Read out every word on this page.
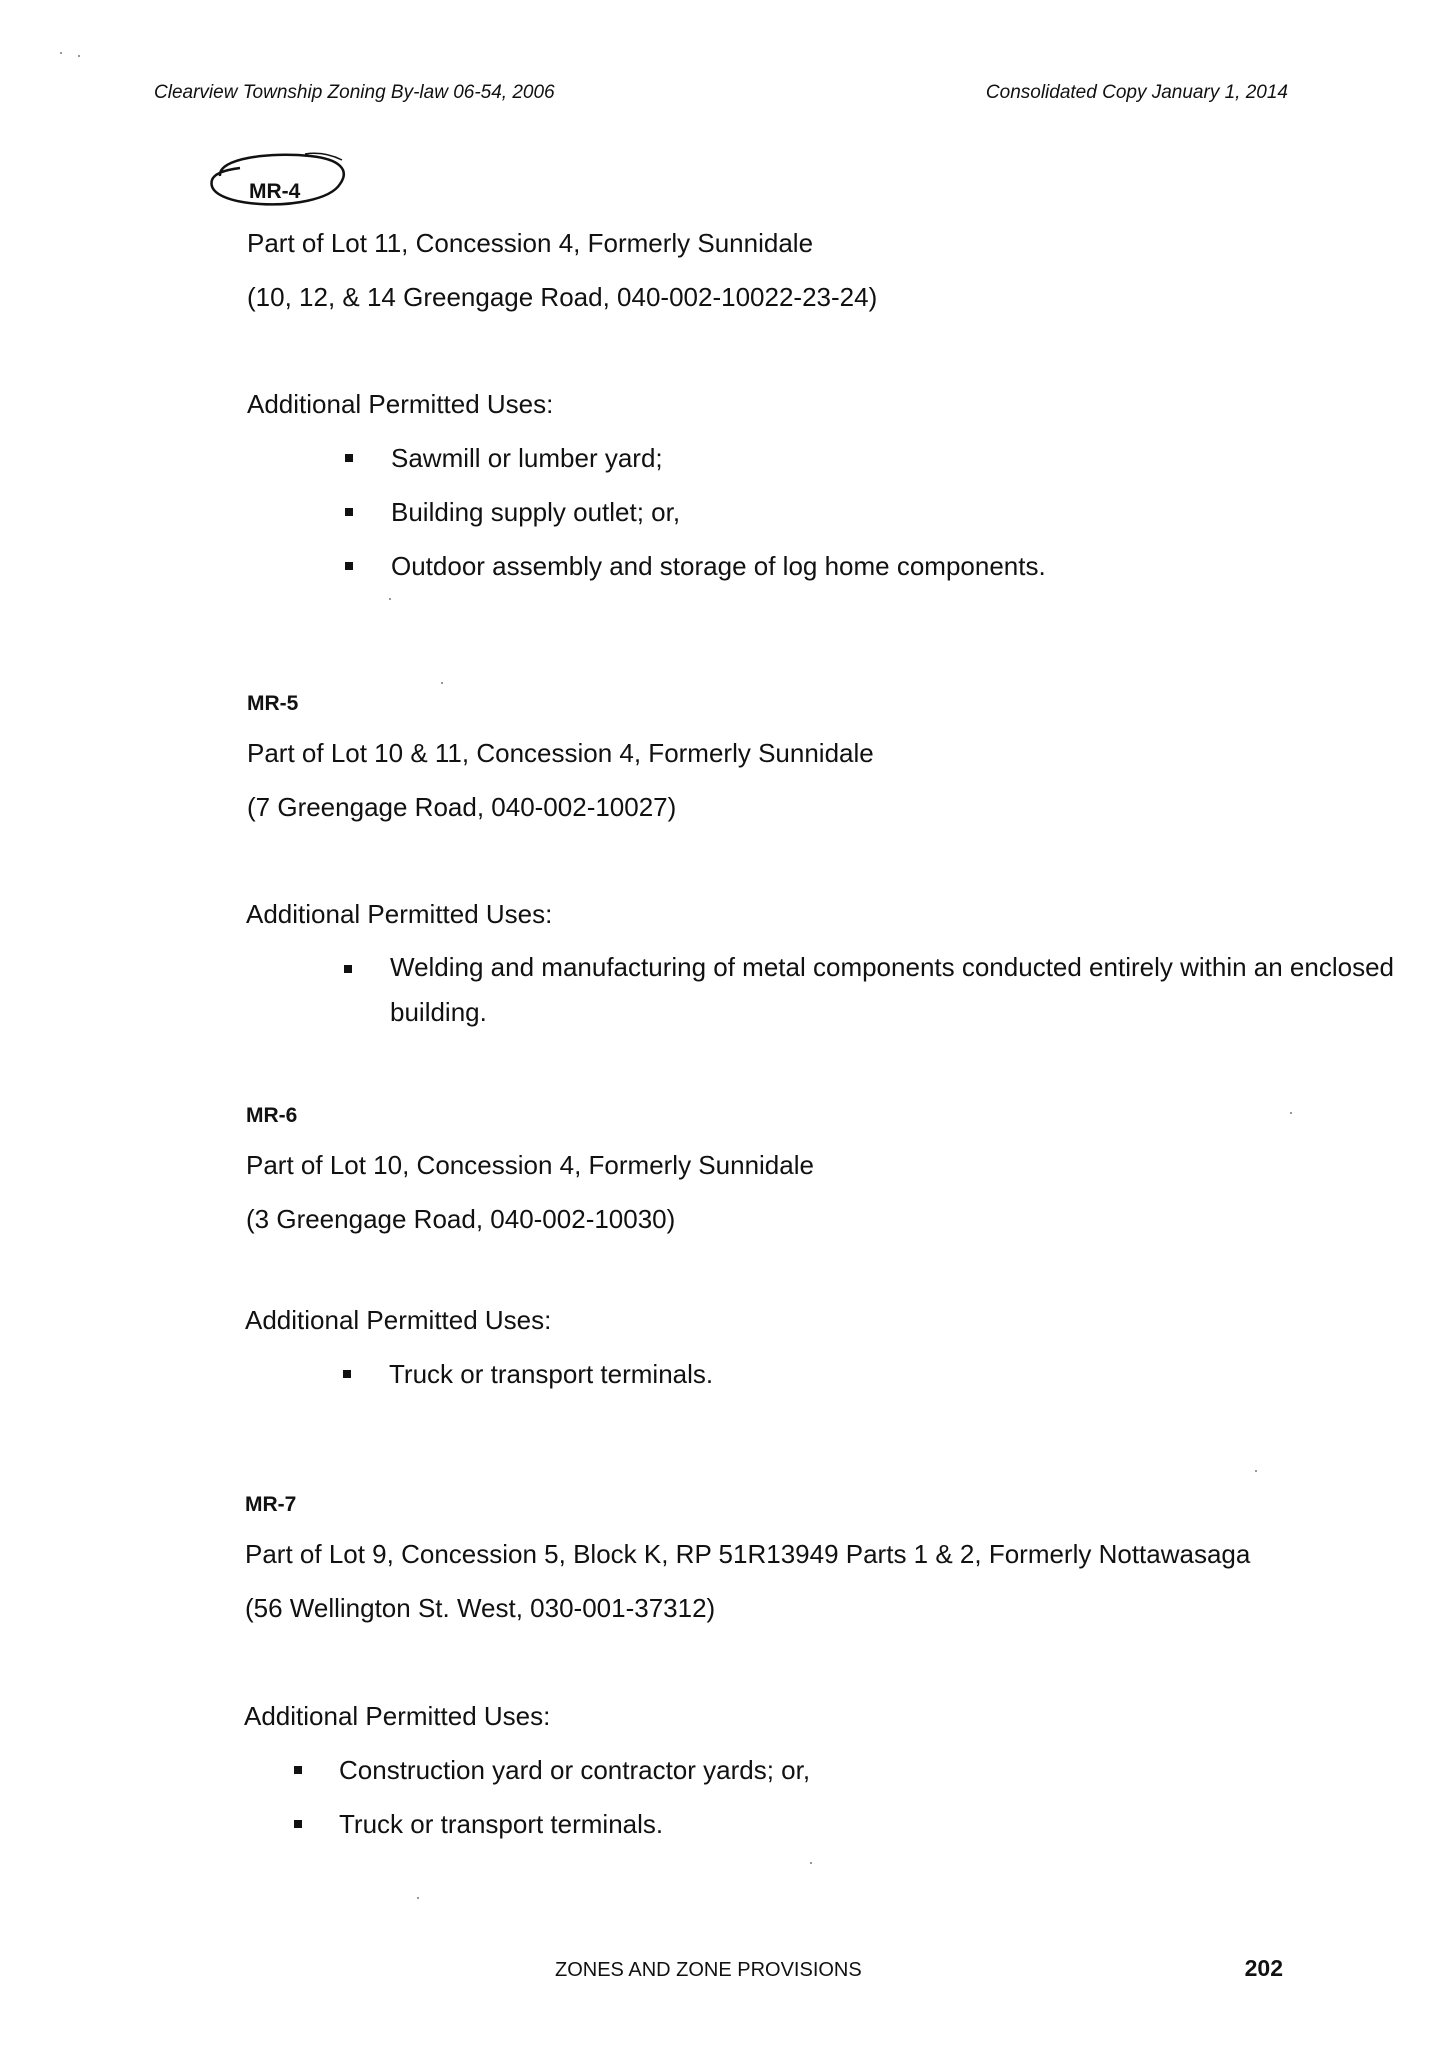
Clearview Township Zoning By-law 06-54, 2006	Consolidated Copy January 1, 2014
MR-4
Part of Lot 11, Concession 4, Formerly Sunnidale
(10, 12, & 14 Greengage Road, 040-002-10022-23-24)
Additional Permitted Uses:
Sawmill or lumber yard;
Building supply outlet; or,
Outdoor assembly and storage of log home components.
MR-5
Part of Lot 10 & 11, Concession 4, Formerly Sunnidale
(7 Greengage Road, 040-002-10027)
Additional Permitted Uses:
Welding and manufacturing of metal components conducted entirely within an enclosed building.
MR-6
Part of Lot 10, Concession 4, Formerly Sunnidale
(3 Greengage Road, 040-002-10030)
Additional Permitted Uses:
Truck or transport terminals.
MR-7
Part of Lot 9, Concession 5, Block K, RP 51R13949 Parts 1 & 2, Formerly Nottawasaga
(56 Wellington St. West, 030-001-37312)
Additional Permitted Uses:
Construction yard or contractor yards; or,
Truck or transport terminals.
ZONES AND ZONE PROVISIONS	202
